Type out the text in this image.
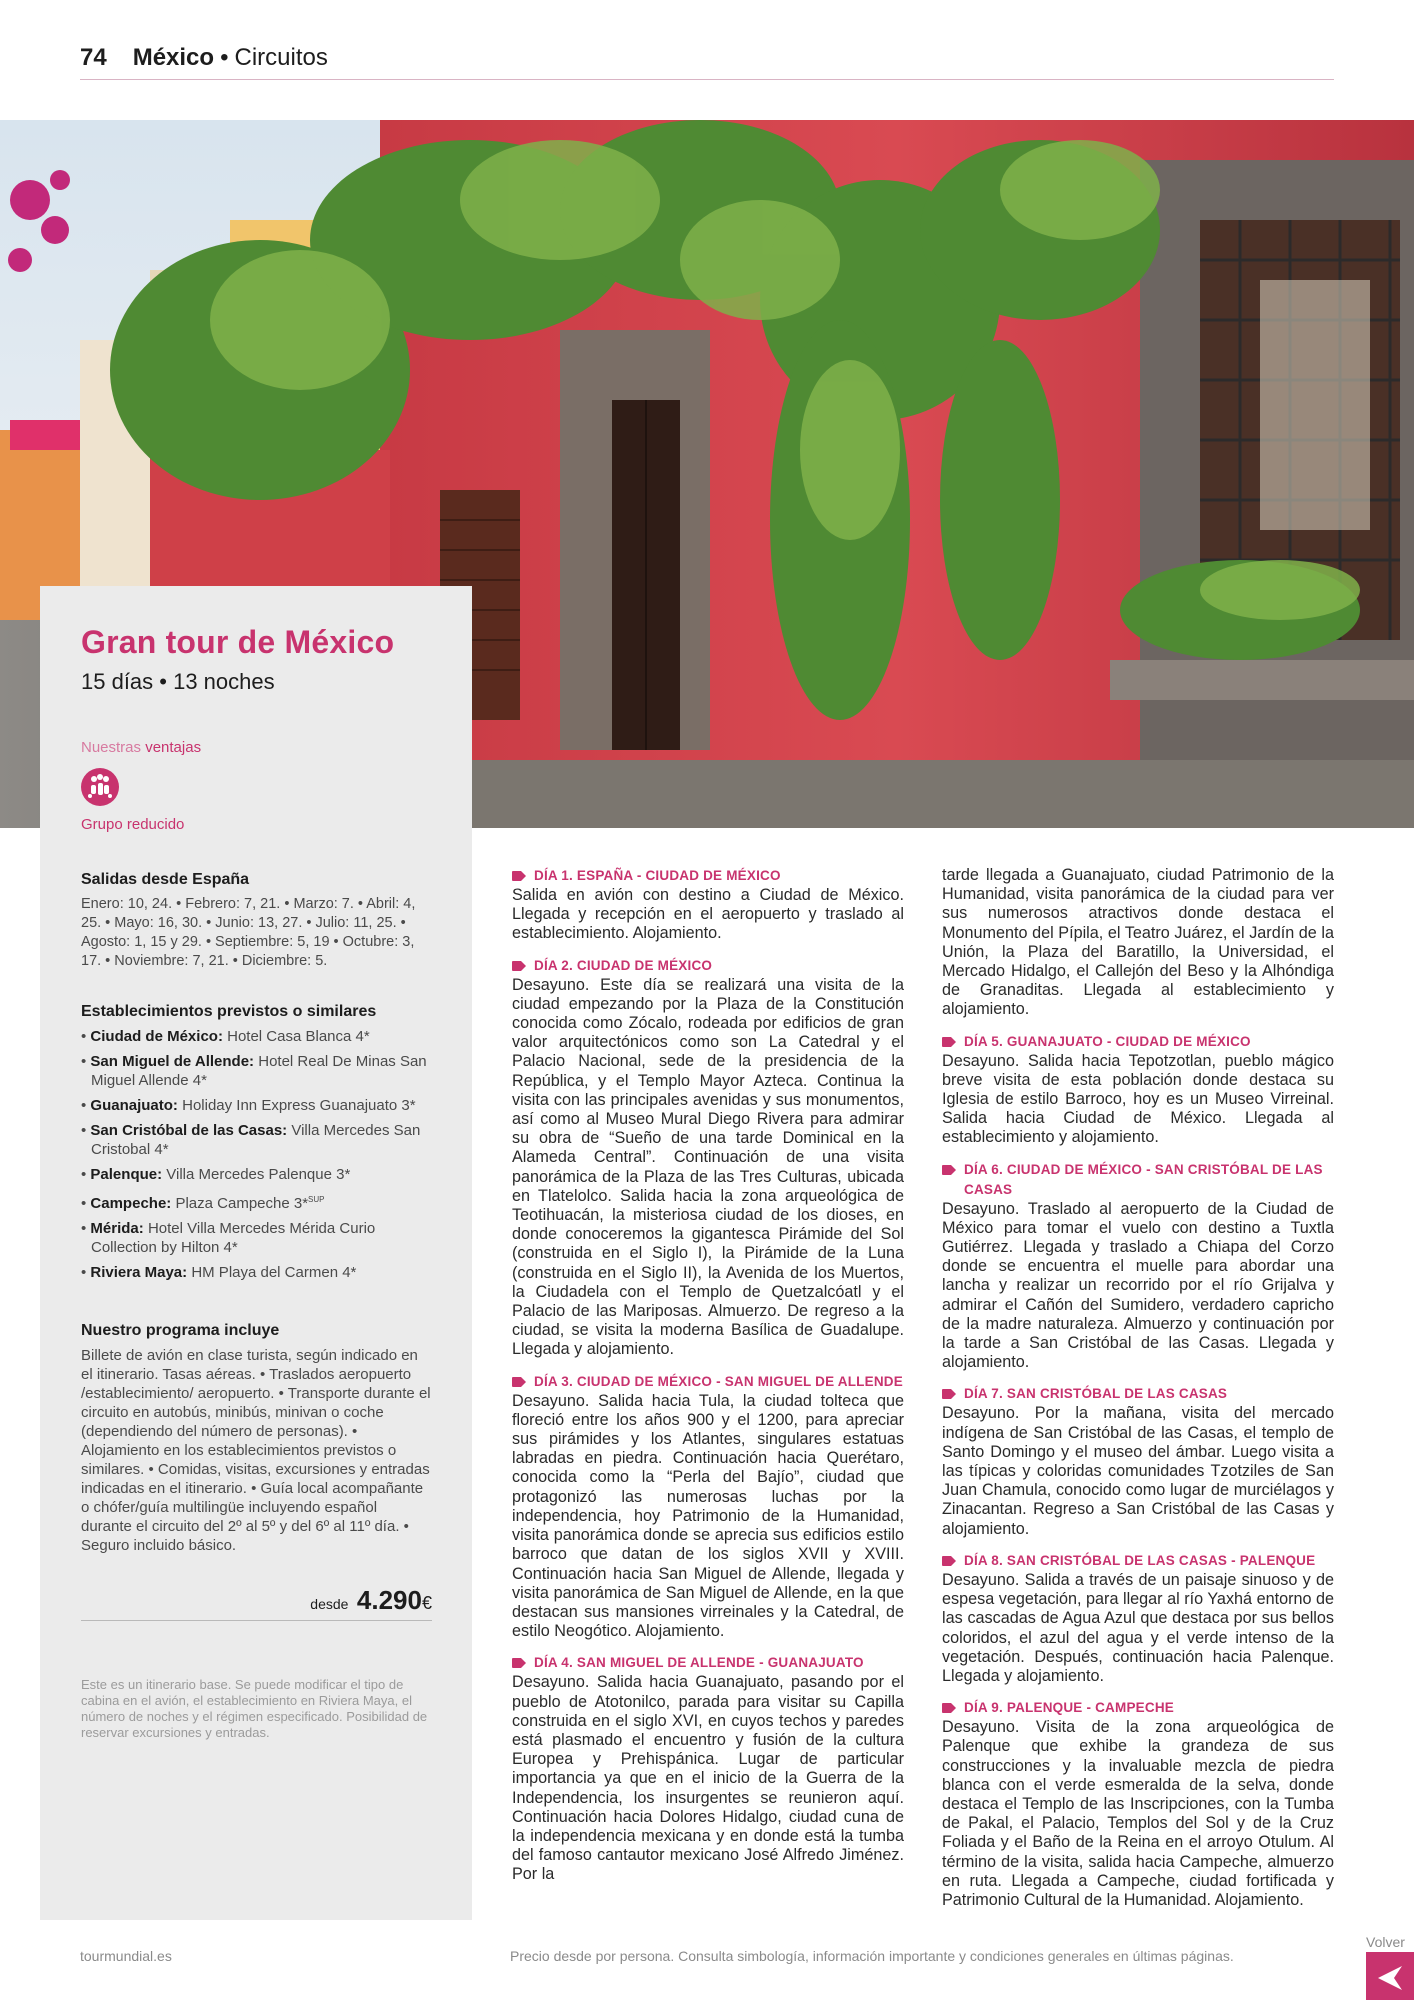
74 México • Circuitos
Gran tour de México
15 días • 13 noches
Nuestras ventajas
Grupo reducido
Salidas desde España
Enero: 10, 24. • Febrero: 7, 21. • Marzo: 7. • Abril: 4, 25. • Mayo: 16, 30. • Junio: 13, 27. • Julio: 11, 25. • Agosto: 1, 15 y 29. • Septiembre: 5, 19 • Octubre: 3, 17. • Noviembre: 7, 21. • Diciembre: 5.
Establecimientos previstos o similares
• Ciudad de México: Hotel Casa Blanca 4*
• San Miguel de Allende: Hotel Real De Minas San Miguel Allende 4*
• Guanajuato: Holiday Inn Express Guanajuato 3*
• San Cristóbal de las Casas: Villa Mercedes San Cristobal 4*
• Palenque: Villa Mercedes Palenque 3*
• Campeche: Plaza Campeche 3*$^{SUP}$
• Mérida: Hotel Villa Mercedes Mérida Curio Collection by Hilton 4*
• Riviera Maya: HM Playa del Carmen 4*
Nuestro programa incluye
Billete de avión en clase turista, según indicado en el itinerario. Tasas aéreas. • Traslados aeropuerto /establecimiento/ aeropuerto. • Transporte durante el circuito en autobús, minibús, minivan o coche (dependiendo del número de personas). • Alojamiento en los establecimientos previstos o similares. • Comidas, visitas, excursiones y entradas indicadas en el itinerario. • Guía local acompañante o chófer/guía multilingüe incluyendo español durante el circuito del 2º al 5º y del 6º al 11º día. • Seguro incluido básico.
desde 4.290€
Este es un itinerario base. Se puede modificar el tipo de cabina en el avión, el establecimiento en Riviera Maya, el número de noches y el régimen especificado. Posibilidad de reservar excursiones y entradas.
DÍA 1. ESPAÑA - CIUDAD DE MÉXICO
Salida en avión con destino a Ciudad de México. Llegada y recepción en el aeropuerto y traslado al establecimiento. Alojamiento.
DÍA 2. CIUDAD DE MÉXICO
Desayuno. Este día se realizará una visita de la ciudad empezando por la Plaza de la Constitución conocida como Zócalo, rodeada por edificios de gran valor arquitectónicos como son La Catedral y el Palacio Nacional, sede de la presidencia de la República, y el Templo Mayor Azteca. Continua la visita con las principales avenidas y sus monumentos, así como al Museo Mural Diego Rivera para admirar su obra de “Sueño de una tarde Dominical en la Alameda Central”. Continuación de una visita panorámica de la Plaza de las Tres Culturas, ubicada en Tlatelolco. Salida hacia la zona arqueológica de Teotihuacán, la misteriosa ciudad de los dioses, en donde conoceremos la gigantesca Pirámide del Sol (construida en el Siglo I), la Pirámide de la Luna (construida en el Siglo II), la Avenida de los Muertos, la Ciudadela con el Templo de Quetzalcóatl y el Palacio de las Mariposas. Almuerzo. De regreso a la ciudad, se visita la moderna Basílica de Guadalupe. Llegada y alojamiento.
DÍA 3. CIUDAD DE MÉXICO - SAN MIGUEL DE ALLENDE
Desayuno. Salida hacia Tula, la ciudad tolteca que floreció entre los años 900 y el 1200, para apreciar sus pirámides y los Atlantes, singulares estatuas labradas en piedra. Continuación hacia Querétaro, conocida como la “Perla del Bajío”, ciudad que protagonizó las numerosas luchas por la independencia, hoy Patrimonio de la Humanidad, visita panorámica donde se aprecia sus edificios estilo barroco que datan de los siglos XVII y XVIII. Continuación hacia San Miguel de Allende, llegada y visita panorámica de San Miguel de Allende, en la que destacan sus mansiones virreinales y la Catedral, de estilo Neogótico. Alojamiento.
DÍA 4. SAN MIGUEL DE ALLENDE - GUANAJUATO
Desayuno. Salida hacia Guanajuato, pasando por el pueblo de Atotonilco, parada para visitar su Capilla construida en el siglo XVI, en cuyos techos y paredes está plasmado el encuentro y fusión de la cultura Europea y Prehispánica. Lugar de particular importancia ya que en el inicio de la Guerra de la Independencia, los insurgentes se reunieron aquí. Continuación hacia Dolores Hidalgo, ciudad cuna de la independencia mexicana y en donde está la tumba del famoso cantautor mexicano José Alfredo Jiménez. Por la
tarde llegada a Guanajuato, ciudad Patrimonio de la Humanidad, visita panorámica de la ciudad para ver sus numerosos atractivos donde destaca el Monumento del Pípila, el Teatro Juárez, el Jardín de la Unión, la Plaza del Baratillo, la Universidad, el Mercado Hidalgo, el Callejón del Beso y la Alhóndiga de Granaditas. Llegada al establecimiento y alojamiento.
DÍA 5. GUANAJUATO - CIUDAD DE MÉXICO
Desayuno. Salida hacia Tepotzotlan, pueblo mágico breve visita de esta población donde destaca su Iglesia de estilo Barroco, hoy es un Museo Virreinal. Salida hacia Ciudad de México. Llegada al establecimiento y alojamiento.
DÍA 6. CIUDAD DE MÉXICO - SAN CRISTÓBAL DE LAS CASAS
Desayuno. Traslado al aeropuerto de la Ciudad de México para tomar el vuelo con destino a Tuxtla Gutiérrez. Llegada y traslado a Chiapa del Corzo donde se encuentra el muelle para abordar una lancha y realizar un recorrido por el río Grijalva y admirar el Cañón del Sumidero, verdadero capricho de la madre naturaleza. Almuerzo y continuación por la tarde a San Cristóbal de las Casas. Llegada y alojamiento.
DÍA 7. SAN CRISTÓBAL DE LAS CASAS
Desayuno. Por la mañana, visita del mercado indígena de San Cristóbal de las Casas, el templo de Santo Domingo y el museo del ámbar. Luego visita a las típicas y coloridas comunidades Tzotziles de San Juan Chamula, conocido como lugar de murciélagos y Zinacantan. Regreso a San Cristóbal de las Casas y alojamiento.
DÍA 8. SAN CRISTÓBAL DE LAS CASAS - PALENQUE
Desayuno. Salida a través de un paisaje sinuoso y de espesa vegetación, para llegar al río Yaxhá entorno de las cascadas de Agua Azul que destaca por sus bellos coloridos, el azul del agua y el verde intenso de la vegetación. Después, continuación hacia Palenque. Llegada y alojamiento.
DÍA 9. PALENQUE - CAMPECHE
Desayuno. Visita de la zona arqueológica de Palenque que exhibe la grandeza de sus construcciones y la invaluable mezcla de piedra blanca con el verde esmeralda de la selva, donde destaca el Templo de las Inscripciones, con la Tumba de Pakal, el Palacio, Templos del Sol y de la Cruz Foliada y el Baño de la Reina en el arroyo Otulum. Al término de la visita, salida hacia Campeche, almuerzo en ruta. Llegada a Campeche, ciudad fortificada y Patrimonio Cultural de la Humanidad. Alojamiento.
tourmundial.es	Precio desde por persona. Consulta simbología, información importante y condiciones generales en últimas páginas.
Volver
